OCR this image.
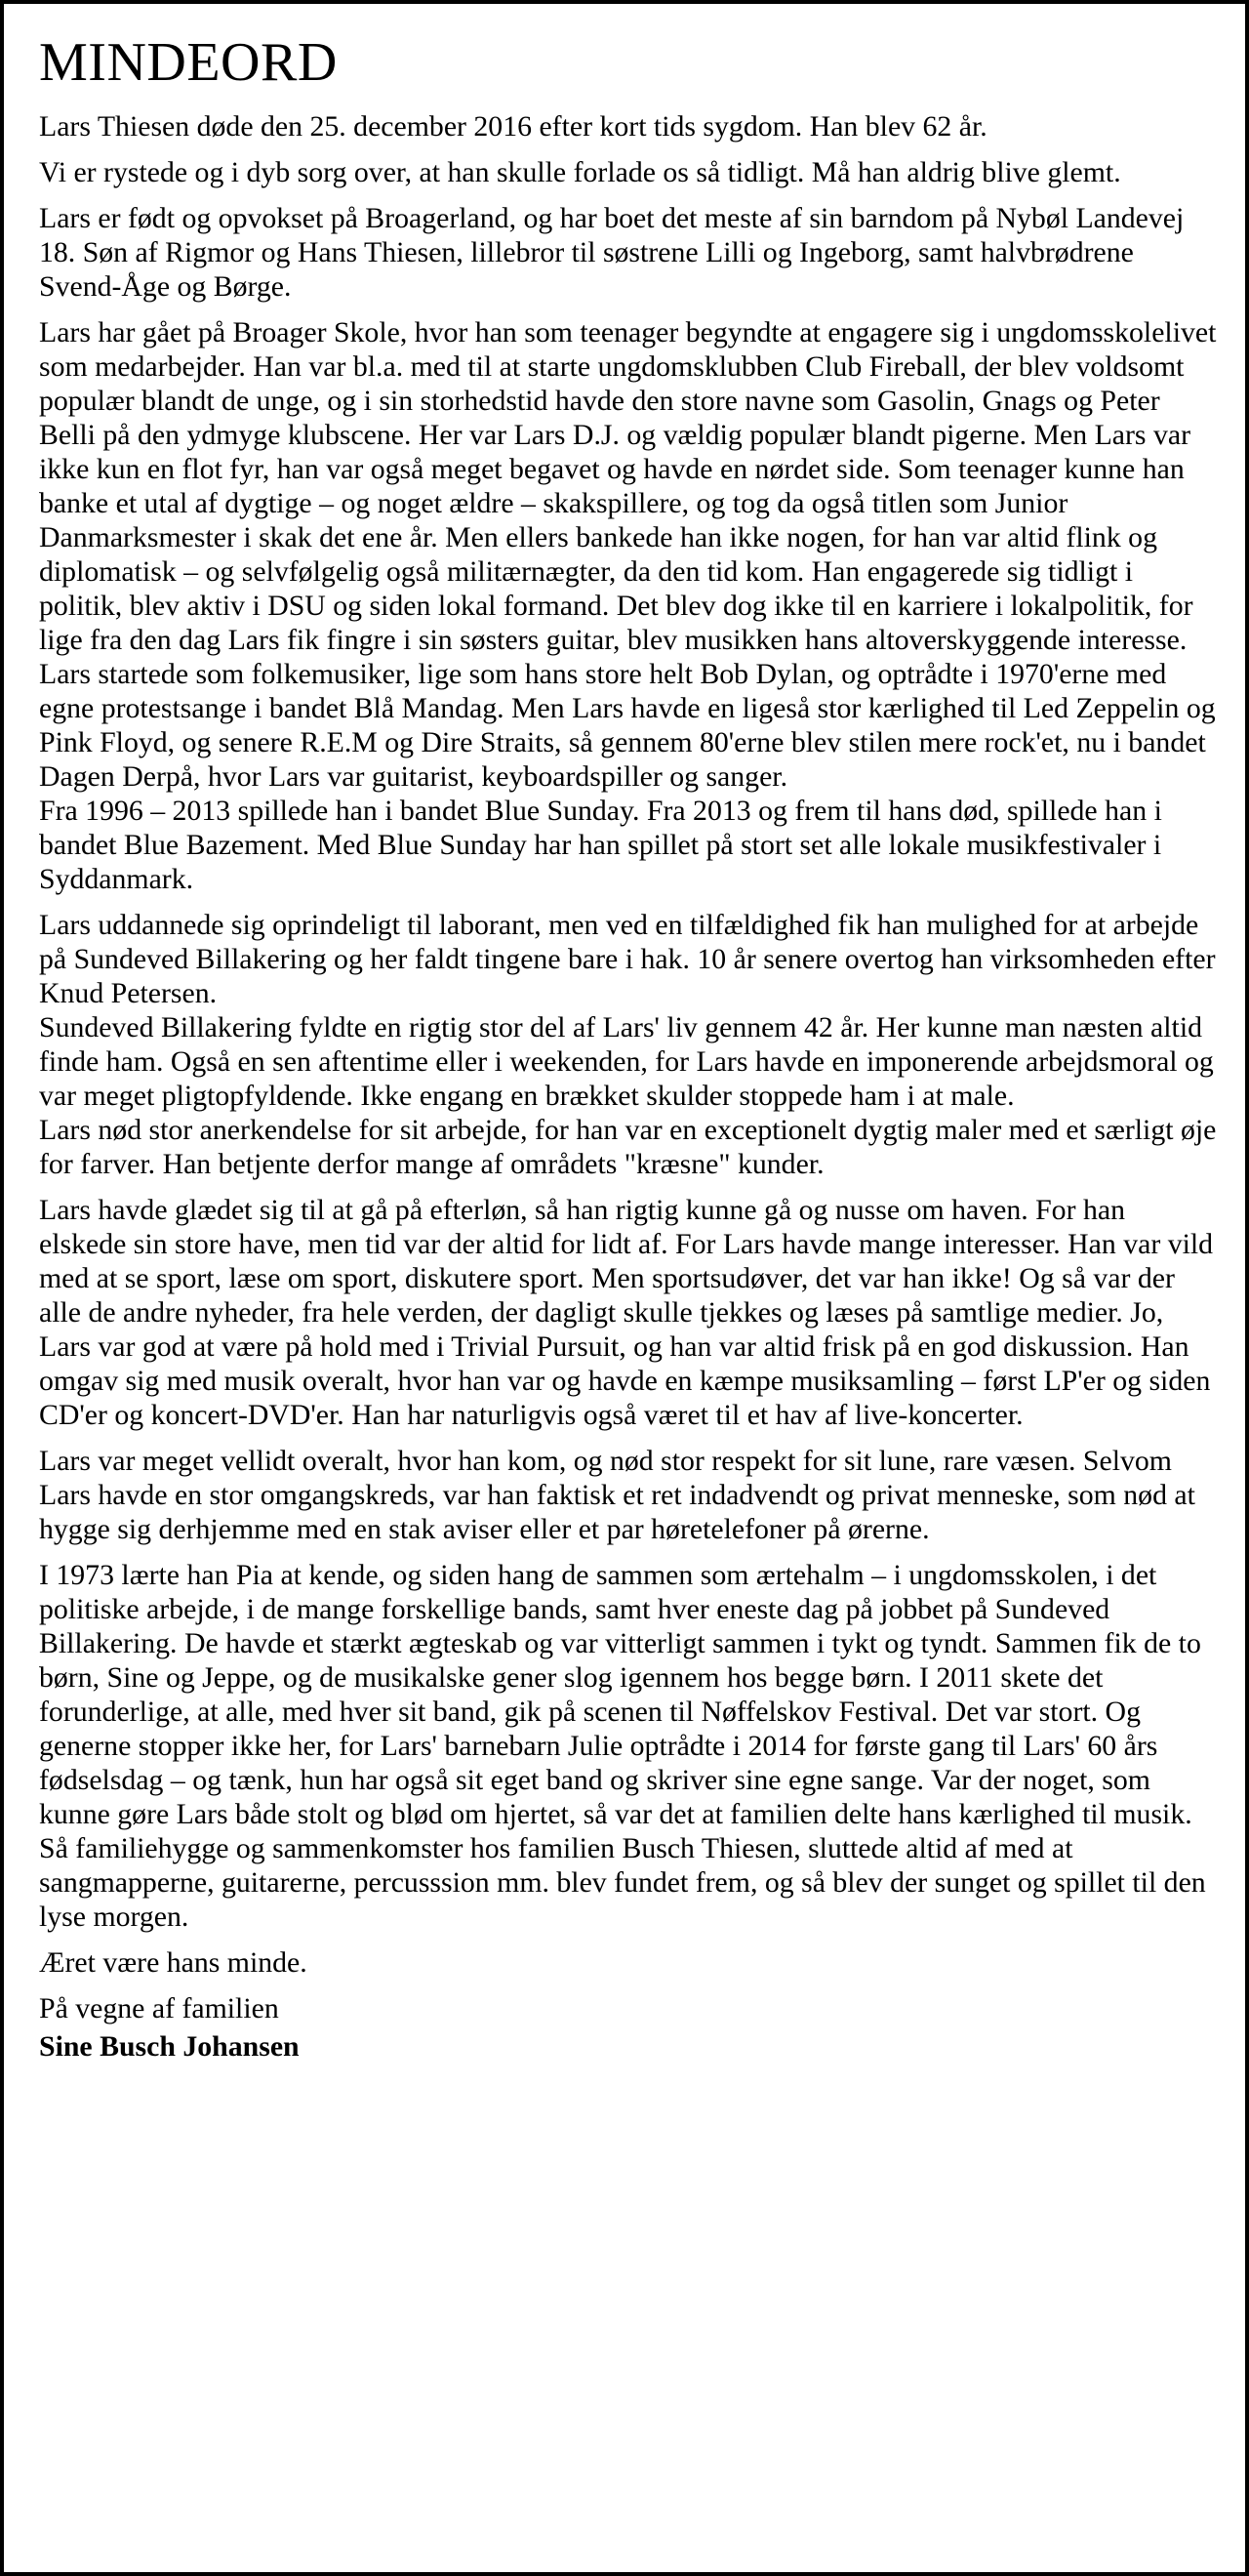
MINDEORD

Lars Thiesen døde den 25. december 2016 efter kort tids sygdom. Han blev 62 år.

Vi er rystede og i dyb sorg over, at han skulle forlade os så tidligt. Må han aldrig blive glemt.

Lars er født og opvokset på Broagerland, og har boet det meste af sin barndom på Nybøl Landevej 18. Søn af Rigmor og Hans Thiesen, lillebror til søstrene Lilli og Ingeborg, samt halvbrødrene Svend-Åge og Børge.

Lars har gået på Broager Skole, hvor han som teenager begyndte at engagere sig i ungdomsskolelivet som medarbejder. Han var bl.a. med til at starte ungdomsklubben Club Fireball, der blev voldsomt populær blandt de unge, og i sin storhedstid havde den store navne som Gasolin, Gnags og Peter Belli på den ydmyge klubscene. Her var Lars D.J. og vældig populær blandt pigerne. Men Lars var ikke kun en flot fyr, han var også meget begavet og havde en nørdet side. Som teenager kunne han banke et utal af dygtige – og noget ældre – skakspillere, og tog da også titlen som Junior Danmarksmester i skak det ene år. Men ellers bankede han ikke nogen, for han var altid flink og diplomatisk – og selvfølgelig også militærnægter, da den tid kom. Han engagerede sig tidligt i politik, blev aktiv i DSU og siden lokal formand. Det blev dog ikke til en karriere i lokalpolitik, for lige fra den dag Lars fik fingre i sin søsters guitar, blev musikken hans altoverskyggende interesse. Lars startede som folkemusiker, lige som hans store helt Bob Dylan, og optrådte i 1970'erne med egne protestsange i bandet Blå Mandag. Men Lars havde en ligeså stor kærlighed til Led Zeppelin og Pink Floyd, og senere R.E.M og Dire Straits, så gennem 80'erne blev stilen mere rock'et, nu i bandet Dagen Derpå, hvor Lars var guitarist, keyboardspiller og sanger.

Fra 1996 – 2013 spillede han i bandet Blue Sunday. Fra 2013 og frem til hans død, spillede han i bandet Blue Bazement. Med Blue Sunday har han spillet på stort set alle lokale musikfestivaler i Syddanmark.

Lars uddannede sig oprindeligt til laborant, men ved en tilfældighed fik han mulighed for at arbejde på Sundeved Billakering og her faldt tingene bare i hak. 10 år senere overtog han virksomheden efter Knud Petersen.

Sundeved Billakering fyldte en rigtig stor del af Lars' liv gennem 42 år. Her kunne man næsten altid finde ham. Også en sen aftentime eller i weekenden, for Lars havde en imponerende arbejdsmoral og var meget pligtopfyldende. Ikke engang en brækket skulder stoppede ham i at male.

Lars nød stor anerkendelse for sit arbejde, for han var en exceptionelt dygtig maler med et særligt øje for farver. Han betjente derfor mange af områdets "kræsne" kunder.

Lars havde glædet sig til at gå på efterløn, så han rigtig kunne gå og nusse om haven. For han elskede sin store have, men tid var der altid for lidt af. For Lars havde mange interesser. Han var vild med at se sport, læse om sport, diskutere sport. Men sportsudøver, det var han ikke! Og så var der alle de andre nyheder, fra hele verden, der dagligt skulle tjekkes og læses på samtlige medier. Jo, Lars var god at være på hold med i Trivial Pursuit, og han var altid frisk på en god diskussion. Han omgav sig med musik overalt, hvor han var og havde en kæmpe musiksamling – først LP'er og siden CD'er og koncert-DVD'er. Han har naturligvis også været til et hav af live-koncerter.

Lars var meget vellidt overalt, hvor han kom, og nød stor respekt for sit lune, rare væsen. Selvom Lars havde en stor omgangskreds, var han faktisk et ret indadvendt og privat menneske, som nød at hygge sig derhjemme med en stak aviser eller et par høretelefoner på ørerne.

I 1973 lærte han Pia at kende, og siden hang de sammen som ærtehalm – i ungdomsskolen, i det politiske arbejde, i de mange forskellige bands, samt hver eneste dag på jobbet på Sundeved Billakering. De havde et stærkt ægteskab og var vitterligt sammen i tykt og tyndt. Sammen fik de to børn, Sine og Jeppe, og de musikalske gener slog igennem hos begge børn. I 2011 skete det forunderlige, at alle, med hver sit band, gik på scenen til Nøffelskov Festival. Det var stort. Og generne stopper ikke her, for Lars' barnebarn Julie optrådte i 2014 for første gang til Lars' 60 års fødselsdag – og tænk, hun har også sit eget band og skriver sine egne sange. Var der noget, som kunne gøre Lars både stolt og blød om hjertet, så var det at familien delte hans kærlighed til musik. Så familiehygge og sammenkomster hos familien Busch Thiesen, sluttede altid af med at sangmapperne, guitarerne, percusssion mm. blev fundet frem, og så blev der sunget og spillet til den lyse morgen.

Æret være hans minde.

På vegne af familien

Sine Busch Johansen
